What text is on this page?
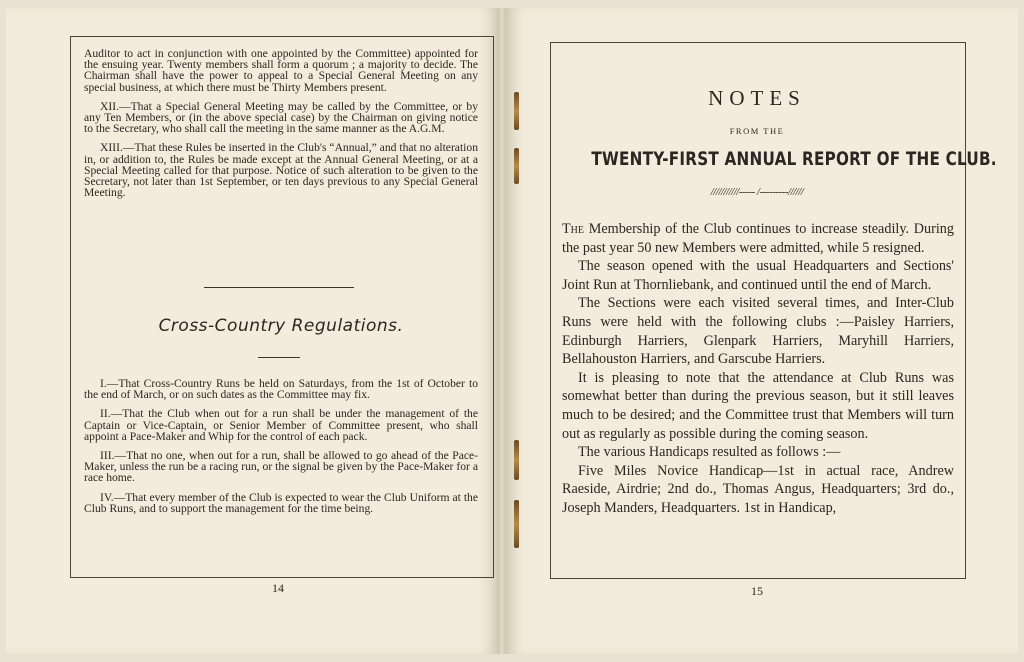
Auditor to act in conjunction with one appointed by the Committee) appointed for the ensuing year. Twenty members shall form a quorum ; a majority to decide. The Chairman shall have the power to appeal to a Special General Meeting on any special business, at which there must be Thirty Members present.

XII.—That a Special General Meeting may be called by the Committee, or by any Ten Members, or (in the above special case) by the Chairman on giving notice to the Secretary, who shall call the meeting in the same manner as the A.G.M.

XIII.—That these Rules be inserted in the Club's “Annual,” and that no alteration in, or addition to, the Rules be made except at the Annual General Meeting, or at a Special Meeting called for that purpose. Notice of such alteration to be given to the Secretary, not later than 1st September, or ten days previous to any Special General Meeting.

Cross-Country Regulations.

I.—That Cross-Country Runs be held on Saturdays, from the 1st of October to the end of March, or on such dates as the Committee may fix.

II.—That the Club when out for a run shall be under the management of the Captain or Vice-Captain, or Senior Member of Committee present, who shall appoint a Pace-Maker and Whip for the control of each pack.

III.—That no one, when out for a run, shall be allowed to go ahead of the Pace-Maker, unless the run be a racing run, or the signal be given by the Pace-Maker for a race home.

IV.—That every member of the Club is expected to wear the Club Uniform at the Club Runs, and to support the management for the time being.

14
NOTES
FROM THE
TWENTY-FIRST ANNUAL REPORT OF THE CLUB.
///////////----- /---------//////

The Membership of the Club continues to increase steadily. During the past year 50 new Members were admitted, while 5 resigned.

The season opened with the usual Headquarters and Sections' Joint Run at Thornliebank, and continued until the end of March.

The Sections were each visited several times, and Inter-Club Runs were held with the following clubs :—Paisley Harriers, Edinburgh Harriers, Glenpark Harriers, Maryhill Harriers, Bellahouston Harriers, and Garscube Harriers.

It is pleasing to note that the attendance at Club Runs was somewhat better than during the previous season, but it still leaves much to be desired; and the Committee trust that Members will turn out as regularly as possible during the coming season.

The various Handicaps resulted as follows :—

Five Miles Novice Handicap—1st in actual race, Andrew Raeside, Airdrie; 2nd do., Thomas Angus, Headquarters; 3rd do., Joseph Manders, Headquarters. 1st in Handicap,

15
